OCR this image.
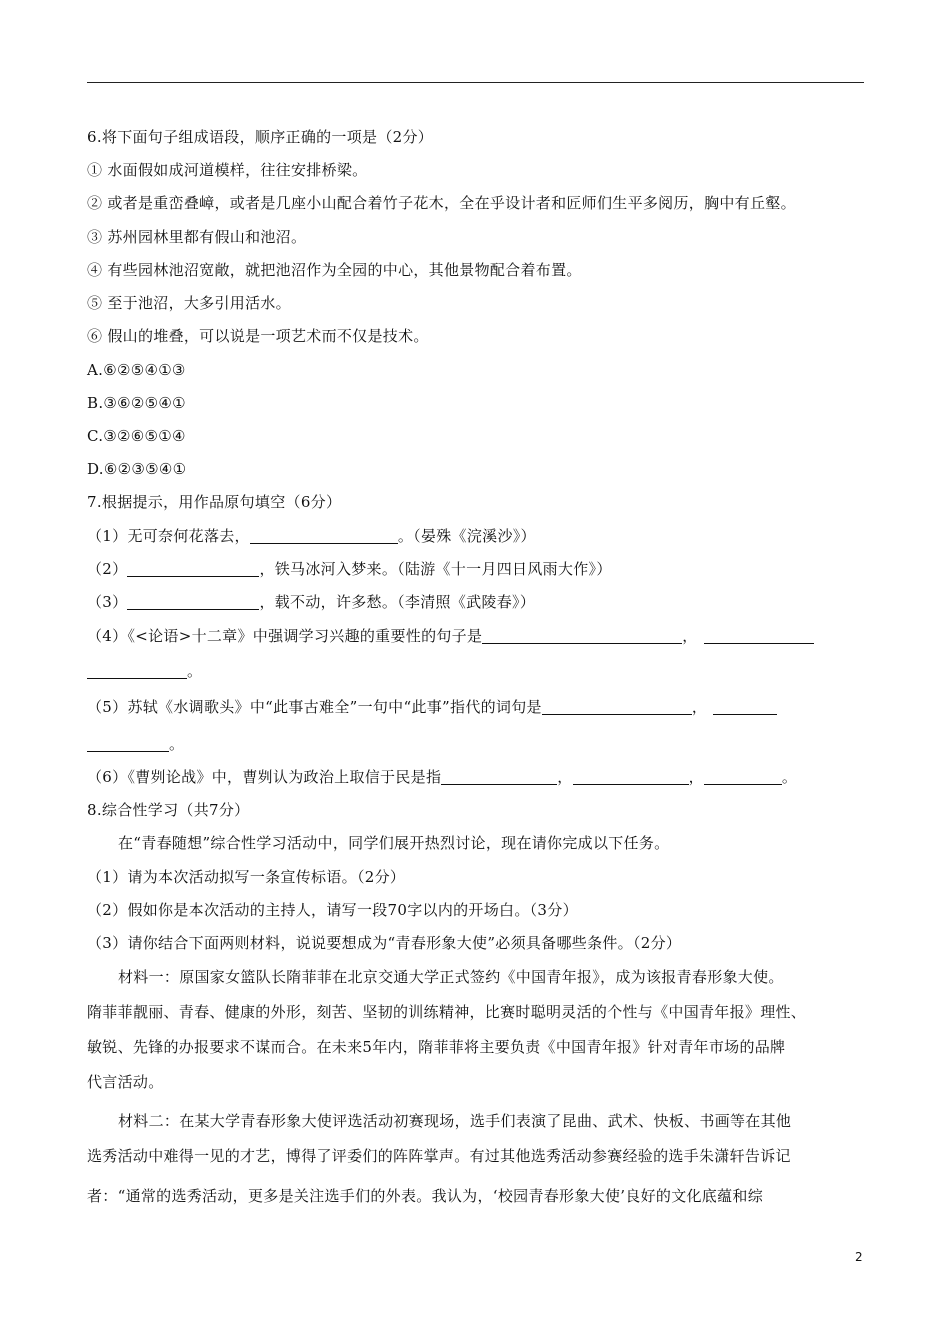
6.将下面句子组成语段，顺序正确的一项是（2分）
① 水面假如成河道模样，往往安排桥梁。
② 或者是重峦叠嶂，或者是几座小山配合着竹子花木，全在乎设计者和匠师们生平多阅历，胸中有丘壑。
③ 苏州园林里都有假山和池沼。
④ 有些园林池沼宽敞，就把池沼作为全园的中心，其他景物配合着布置。
⑤ 至于池沼，大多引用活水。
⑥ 假山的堆叠，可以说是一项艺术而不仅是技术。
A.⑥②⑤④①③
B.③⑥②⑤④①
C.③②⑥⑤①④
D.⑥②③⑤④①
7.根据提示，用作品原句填空（6分）
（1）无可奈何花落去，	。（晏殊《浣溪沙》）
（2）	，铁马冰河入梦来。（陆游《十一月四日风雨大作》）
（3）	，载不动，许多愁。（李清照《武陵春》）
（4）《<论语>十二章》中强调学习兴趣的重要性的句子是	，
。
（5）苏轼《水调歌头》中“此事古难全”一句中“此事”指代的词句是	，
。
（6）《曹刿论战》中，曹刿认为政治上取信于民是指	，	，	。
8.综合性学习（共7分）
在“青春随想”综合性学习活动中，同学们展开热烈讨论，现在请你完成以下任务。
（1）请为本次活动拟写一条宣传标语。（2分）
（2）假如你是本次活动的主持人，请写一段70字以内的开场白。（3分）
（3）请你结合下面两则材料，说说要想成为“青春形象大使”必须具备哪些条件。（2分）
材料一：原国家女篮队长隋菲菲在北京交通大学正式签约《中国青年报》，成为该报青春形象大使。
隋菲菲靓丽、青春、健康的外形，刻苦、坚韧的训练精神，比赛时聪明灵活的个性与《中国青年报》理性、
敏锐、先锋的办报要求不谋而合。在未来5年内，隋菲菲将主要负责《中国青年报》针对青年市场的品牌
代言活动。
材料二：在某大学青春形象大使评选活动初赛现场，选手们表演了昆曲、武术、快板、书画等在其他
选秀活动中难得一见的才艺，博得了评委们的阵阵掌声。有过其他选秀活动参赛经验的选手朱潇轩告诉记
者：“通常的选秀活动，更多是关注选手们的外表。我认为，‘校园青春形象大使’良好的文化底蕴和综
2
